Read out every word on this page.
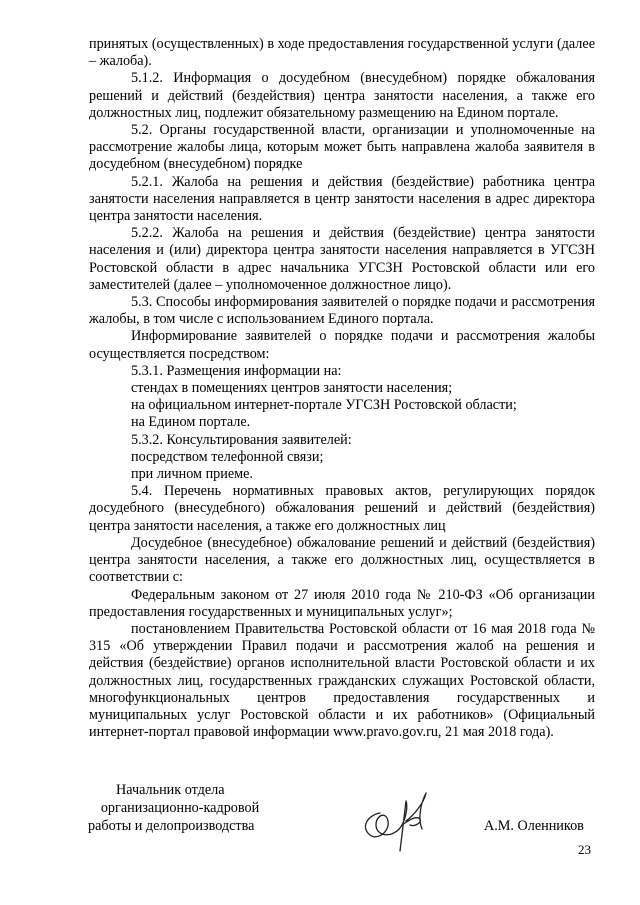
принятых (осуществленных) в ходе предоставления государственной услуги (далее – жалоба).

5.1.2. Информация о досудебном (внесудебном) порядке обжалования решений и действий (бездействия) центра занятости населения, а также его должностных лиц, подлежит обязательному размещению на Едином портале.

5.2. Органы государственной власти, организации и уполномоченные на рассмотрение жалобы лица, которым может быть направлена жалоба заявителя в досудебном (внесудебном) порядке

5.2.1. Жалоба на решения и действия (бездействие) работника центра занятости населения направляется в центр занятости населения в адрес директора центра занятости населения.

5.2.2. Жалоба на решения и действия (бездействие) центра занятости населения и (или) директора центра занятости населения направляется в УГСЗН Ростовской области в адрес начальника УГСЗН Ростовской области или его заместителей (далее – уполномоченное должностное лицо).

5.3. Способы информирования заявителей о порядке подачи и рассмотрения жалобы, в том числе с использованием Единого портала.

Информирование заявителей о порядке подачи и рассмотрения жалобы осуществляется посредством:

5.3.1. Размещения информации на:

стендах в помещениях центров занятости населения;

на официальном интернет-портале УГСЗН Ростовской области;

на Едином портале.

5.3.2. Консультирования заявителей:

посредством телефонной связи;

при личном приеме.

5.4. Перечень нормативных правовых актов, регулирующих порядок досудебного (внесудебного) обжалования решений и действий (бездействия) центра занятости населения, а также его должностных лиц

Досудебное (внесудебное) обжалование решений и действий (бездействия) центра занятости населения, а также его должностных лиц, осуществляется в соответствии с:

Федеральным законом от 27 июля 2010 года № 210-ФЗ «Об организации предоставления государственных и муниципальных услуг»;

постановлением Правительства Ростовской области от 16 мая 2018 года № 315 «Об утверждении Правил подачи и рассмотрения жалоб на решения и действия (бездействие) органов исполнительной власти Ростовской области и их должностных лиц, государственных гражданских служащих Ростовской области, многофункциональных центров предоставления государственных и муниципальных услуг Ростовской области и их работников» (Официальный интернет-портал правовой информации www.pravo.gov.ru, 21 мая 2018 года).

Начальник отдела
организационно-кадровой
работы и делопроизводства	А.М. Оленников
23
